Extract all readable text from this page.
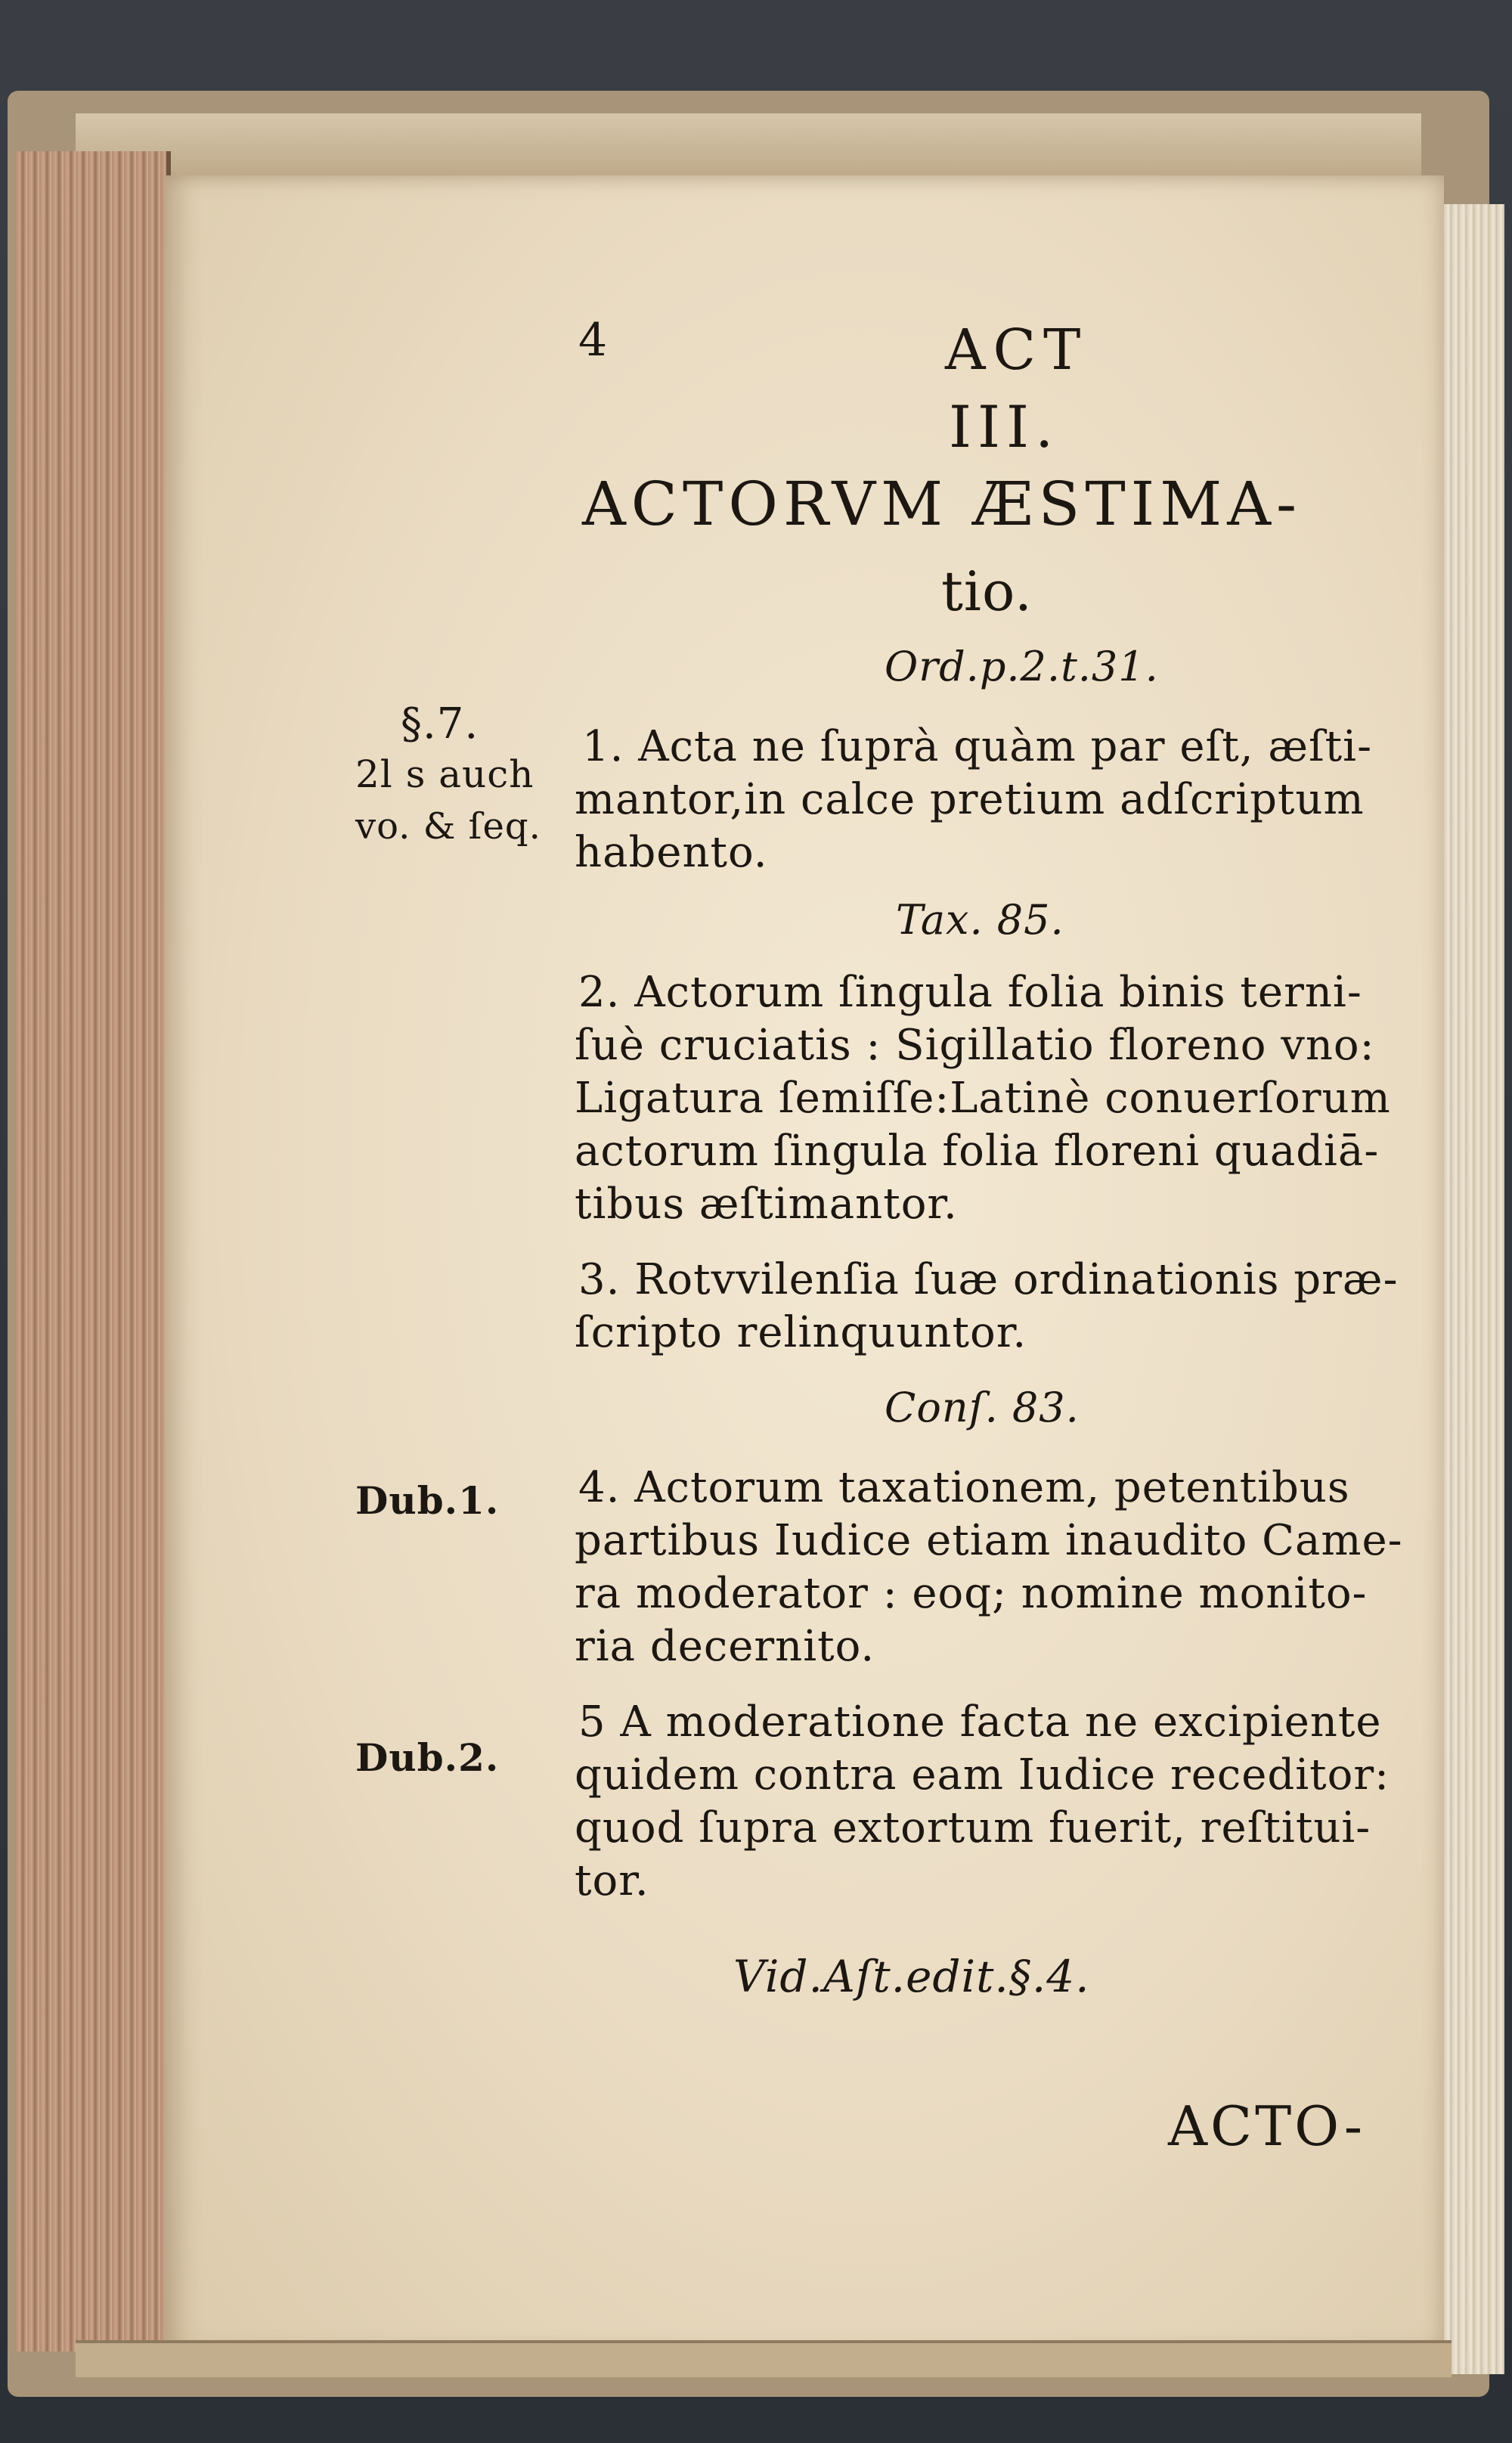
4	ACT
III.
ACTORVM ÆSTIMA-
tio.
Ord.p.2.t.31.
§.7.
2l s auch
vo. & ſeq.
1. Acta ne ſuprà quàm par eſt, æſti-
mantor,in calce pretium adſcriptum
habento.
Tax. 85.
2. Actorum ſingula folia binis terni-
ſuè cruciatis : Sigillatio floreno vno:
Ligatura ſemiſſe:Latinè conuerſorum
actorum ſingula folia floreni quadiā-
tibus æſtimantor.
3. Rotvvilenſia ſuæ ordinationis præ-
ſcripto relinquuntor.
Conſ. 83.
Dub.1. 4. Actorum taxationem, petentibus
partibus Iudice etiam inaudito Came-
ra moderator : eoq; nomine monito-
ria decernito.
Dub.2.
5 A moderatione facta ne excipiente
quidem contra eam Iudice receditor:
quod ſupra extortum fuerit, reſtitui-
tor.
Vid.Aſt.edit.§.4.
ACTO-
